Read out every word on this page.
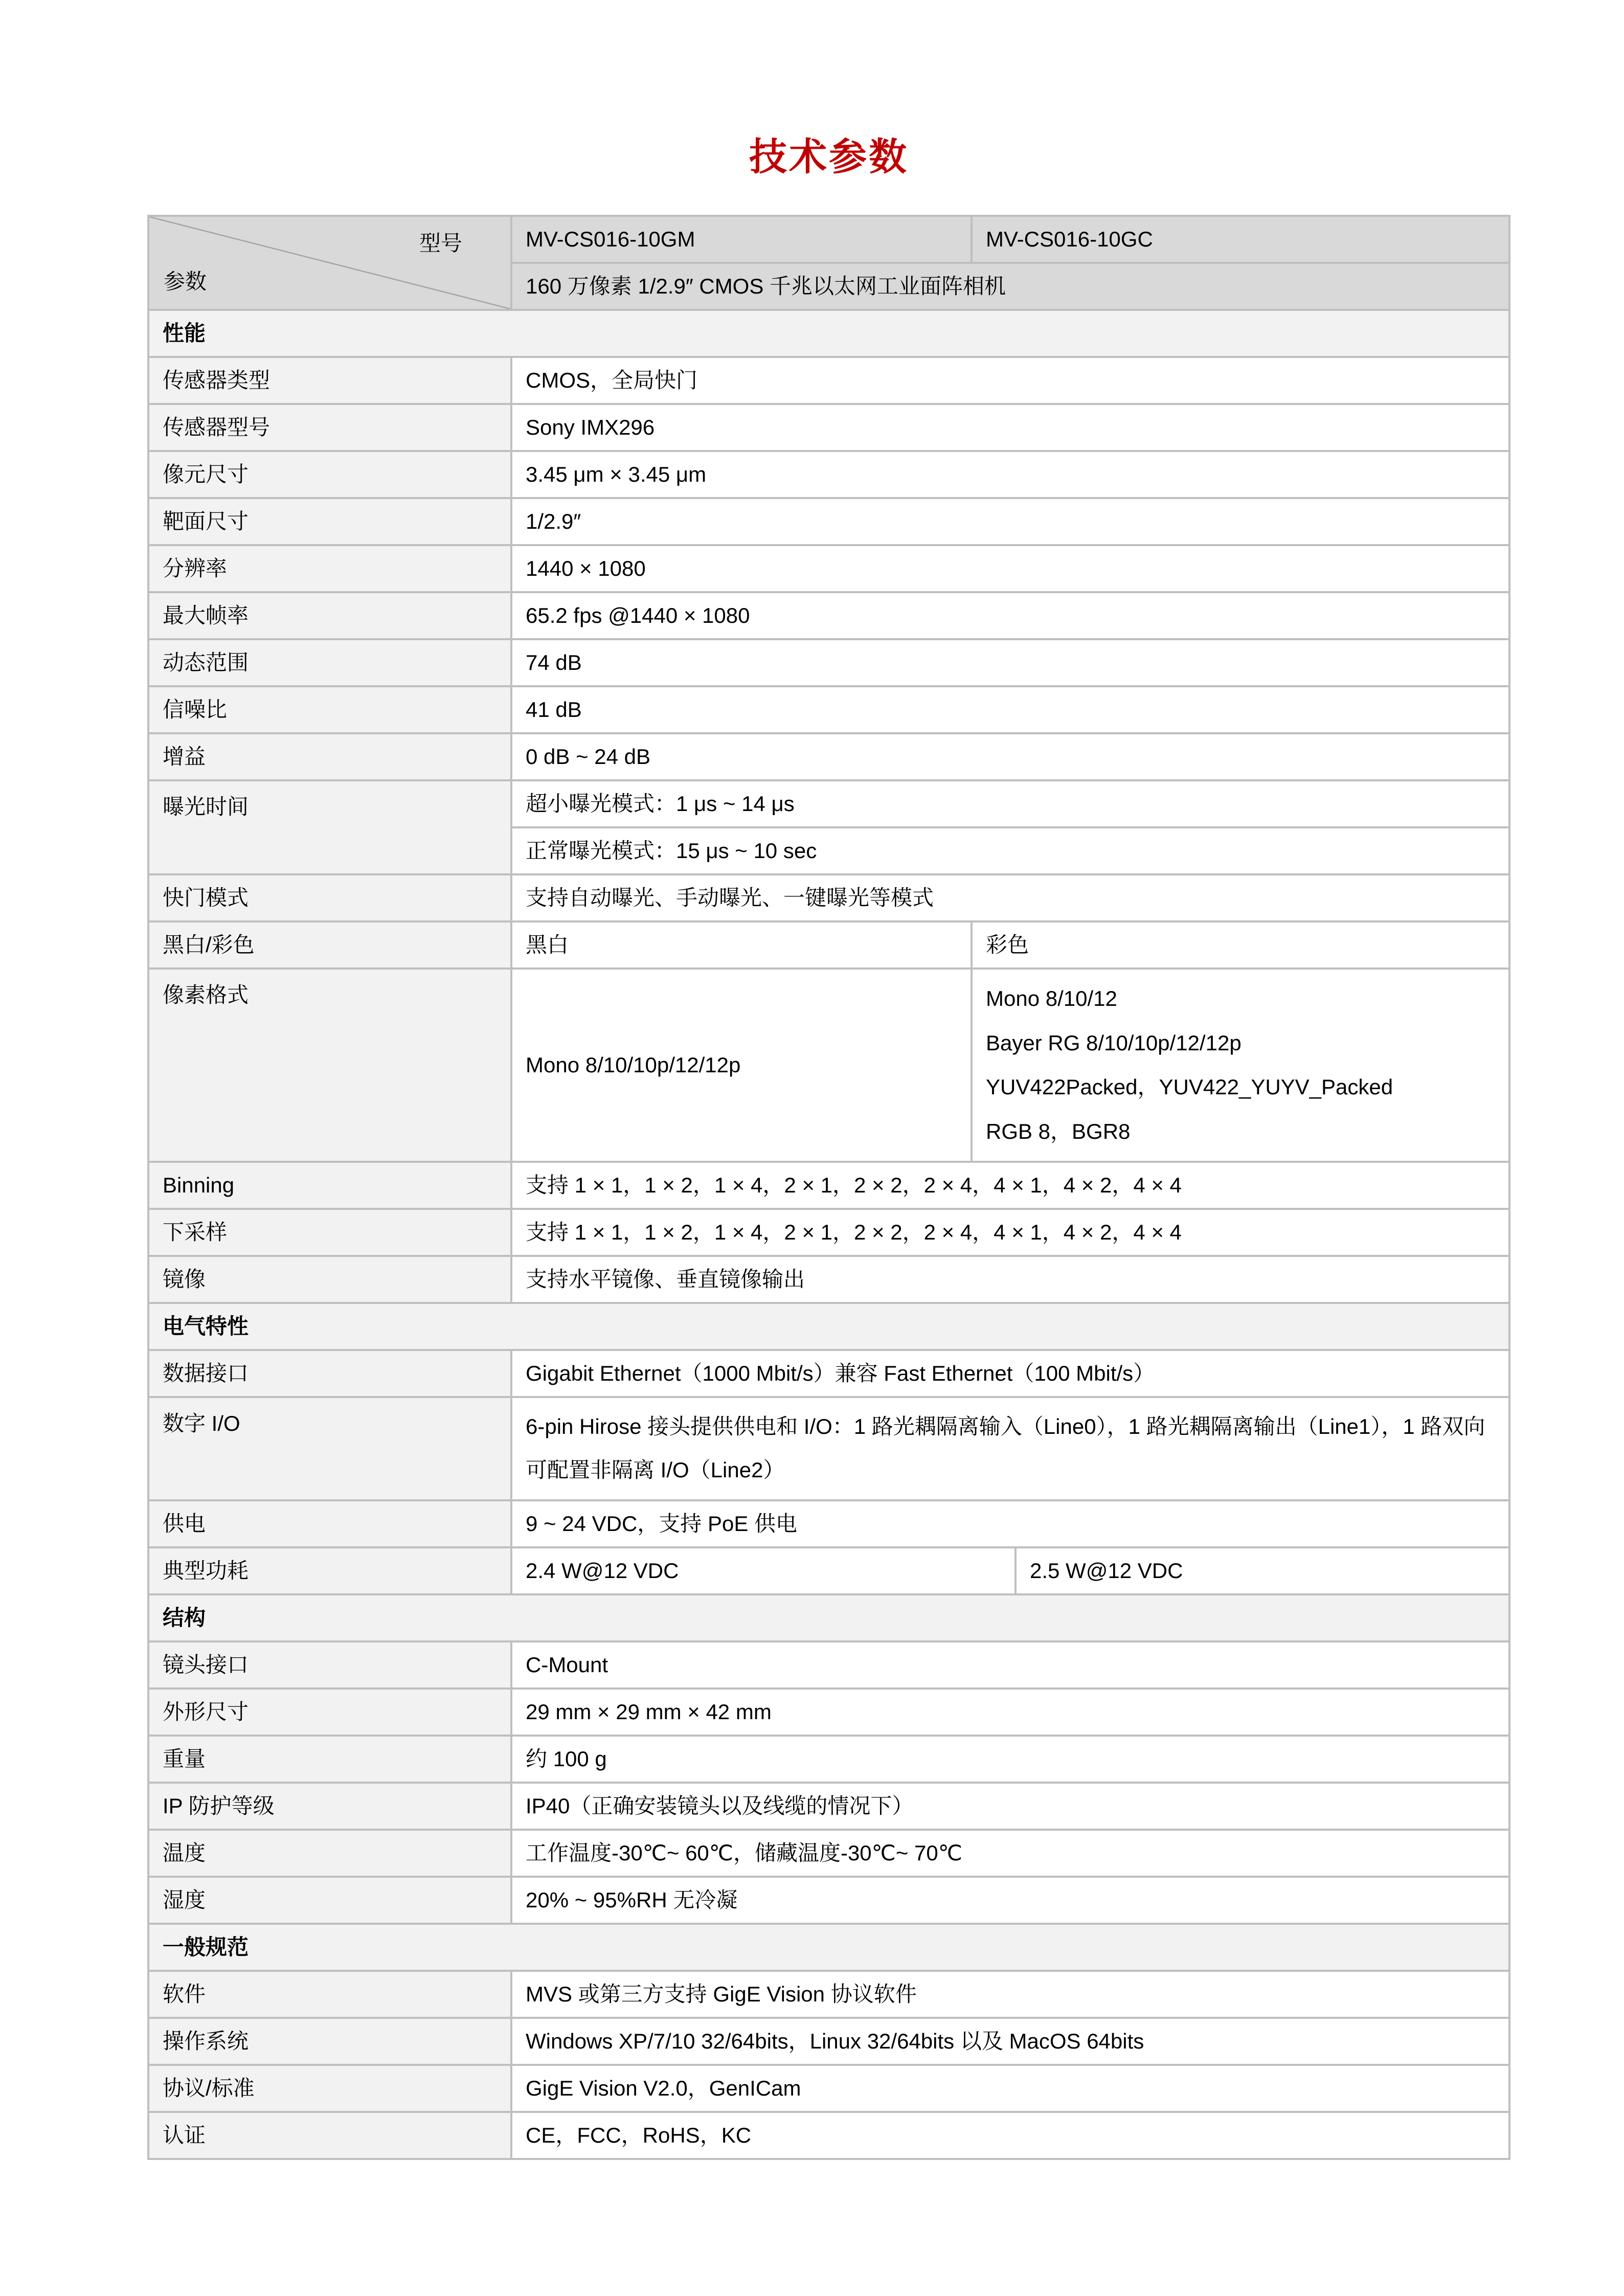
技术参数
型号
参数	MV-CS016-10GM	MV-CS016-10GC	
	160 万像素 1/2.9″ CMOS 千兆以太网工业面阵相机		
性能			
传感器类型	CMOS，全局快门		
传感器型号	Sony IMX296		
像元尺寸	3.45 μm × 3.45 μm		
靶面尺寸	1/2.9″		
分辨率	1440 × 1080		
最大帧率	65.2 fps @1440 × 1080		
动态范围	74 dB		
信噪比	41 dB		
增益	0 dB ~ 24 dB		
曝光时间	超小曝光模式：1 μs ~ 14 μs		
	正常曝光模式：15 μs ~ 10 sec		
快门模式	支持自动曝光、手动曝光、一键曝光等模式		
黑白/彩色	黑白	彩色	
像素格式	Mono 8/10/10p/12/12p	Mono 8/10/12
Bayer RG 8/10/10p/12/12p
YUV422Packed，YUV422_YUYV_Packed
RGB 8，BGR8	

Binning	支持 1 × 1，1 × 2，1 × 4，2 × 1，2 × 2，2 × 4，4 × 1，4 × 2，4 × 4		
下采样	支持 1 × 1，1 × 2，1 × 4，2 × 1，2 × 2，2 × 4，4 × 1，4 × 2，4 × 4		
镜像	支持水平镜像、垂直镜像输出		
电气特性			
数据接口	Gigabit Ethernet（1000 Mbit/s）兼容 Fast Ethernet（100 Mbit/s）		
数字 I/O	6-pin Hirose 接头提供供电和 I/O：1 路光耦隔离输入（Line0），1 路光耦隔离输出（Line1），1 路双向可配置非隔离 I/O（Line2）		
供电	9 ~ 24 VDC，支持 PoE 供电		
典型功耗	2.4 W@12 VDC		2.5 W@12 VDC
结构			
镜头接口	C-Mount		
外形尺寸	29 mm × 29 mm × 42 mm		
重量	约 100 g		
IP 防护等级	IP40（正确安装镜头以及线缆的情况下）		
温度	工作温度-30℃~ 60℃，储藏温度-30℃~ 70℃		
湿度	20% ~ 95%RH 无冷凝		
一般规范			
软件	MVS 或第三方支持 GigE Vision 协议软件		
操作系统	Windows XP/7/10 32/64bits，Linux 32/64bits 以及 MacOS 64bits		
协议/标准	GigE Vision V2.0，GenICam		
认证	CE，FCC，RoHS，KC		
